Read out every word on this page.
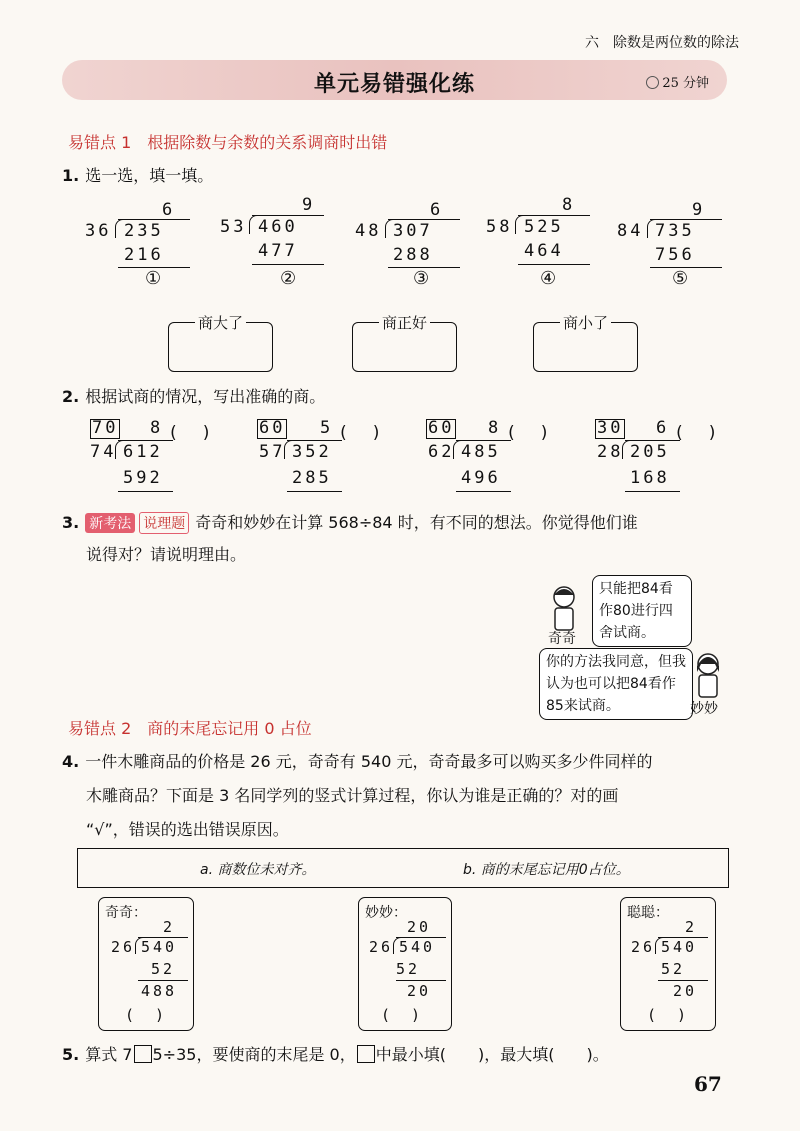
六　除数是两位数的除法
单元易错强化练	25 分钟
易错点 1　根据除数与余数的关系调商时出错
1. 选一选，填一填。
6
36 235
216
①
9
53 460
477
②
6
48 307
288
③
8
58 525
464
④
9
84 735
756
⑤
商大了	商正好	商小了
2. 根据试商的情况，写出准确的商。
70 8 (　)
74 612
592
60 5 (　)
57 352
285
60 8 (　)
62 485
496
30 6 (　)
28 205
168
3. 新考法 说理题 奇奇和妙妙在计算 568÷84 时，有不同的想法。你觉得他们谁
说得对？请说明理由。
只能把84看作80进行四舍试商。
奇奇
你的方法我同意，但我认为也可以把84看作85来试商。	妙妙
易错点 2　商的末尾忘记用 0 占位
4. 一件木雕商品的价格是 26 元，奇奇有 540 元，奇奇最多可以购买多少件同样的
木雕商品？下面是 3 名同学列的竖式计算过程，你认为谁是正确的？对的画
“√”，错误的选出错误原因。
a. 商数位未对齐。	b. 商的末尾忘记用0占位。
奇奇：
2
26 540
52
488
(　)
妙妙：
20
26 540
52
20
(　)
聪聪：
2
26 540
52
20
(　)
5. 算式 7 5÷35，要使商的末尾是 0， 中最小填(　　)，最大填(　　)。
67
